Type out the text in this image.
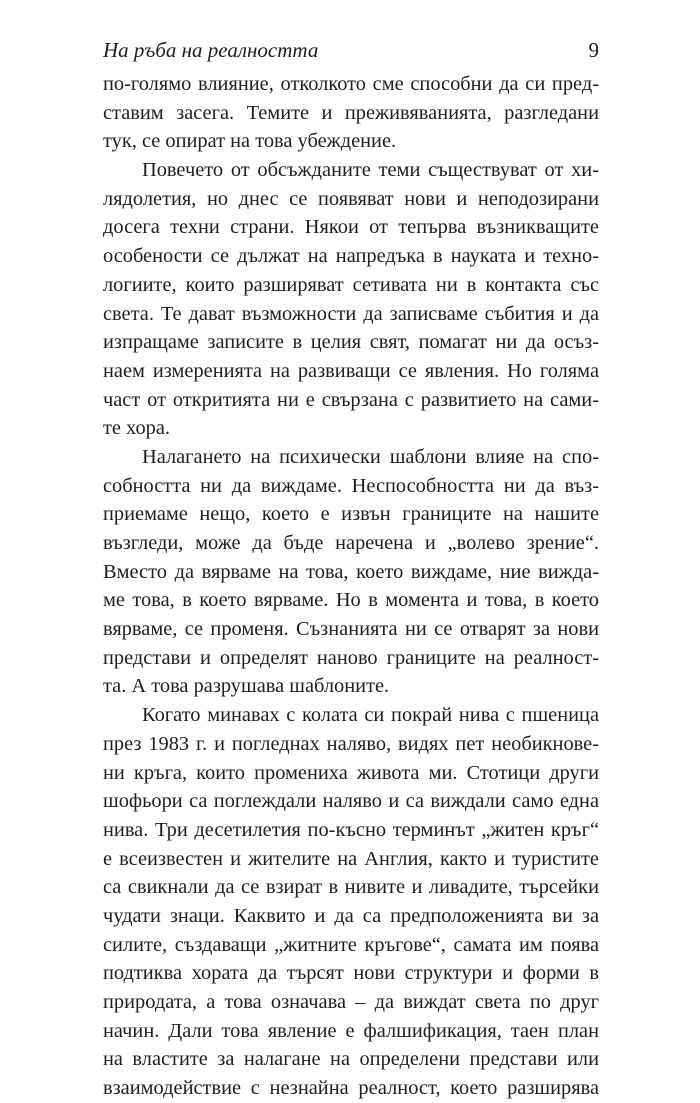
На ръба на реалността	9
по-голямо влияние, отколкото сме способни да си пред-
ставим засега. Темите и преживяванията, разгледани
тук, се опират на това убеждение.
Повечето от обсъжданите теми съществуват от хи-
лядолетия, но днес се появяват нови и неподозирани
досега техни страни. Някои от тепърва възникващите
особености се дължат на напредъка в науката и техно-
логиите, които разширяват сетивата ни в контакта със
света. Те дават възможности да записваме събития и да
изпращаме записите в целия свят, помагат ни да осъз-
наем измеренията на развиващи се явления. Но голяма
част от откритията ни е свързана с развитието на сами-
те хора.
Налагането на психически шаблони влияе на спо-
собността ни да виждаме. Неспособността ни да въз-
приемаме нещо, което е извън границите на нашите
възгледи, може да бъде наречена и „волево зрение“.
Вместо да вярваме на това, което виждаме, ние вижда-
ме това, в което вярваме. Но в момента и това, в което
вярваме, се променя. Съзнанията ни се отварят за нови
представи и определят наново границите на реалност-
та. А това разрушава шаблоните.
Когато минавах с колата си покрай нива с пшеница
през 1983 г. и погледнах наляво, видях пет необикнове-
ни кръга, които промениха живота ми. Стотици други
шофьори са поглеждали наляво и са виждали само една
нива. Три десетилетия по-късно терминът „житен кръг“
е всеизвестен и жителите на Англия, както и туристите
са свикнали да се взират в нивите и ливадите, търсейки
чудати знаци. Каквито и да са предположенията ви за
силите, създаващи „житните кръгове“, самата им поява
подтиква хората да търсят нови структури и форми в
природата, а това означава – да виждат света по друг
начин. Дали това явление е фалшификация, таен план
на властите за налагане на определени представи или
взаимодействие с незнайна реалност, което разширява
